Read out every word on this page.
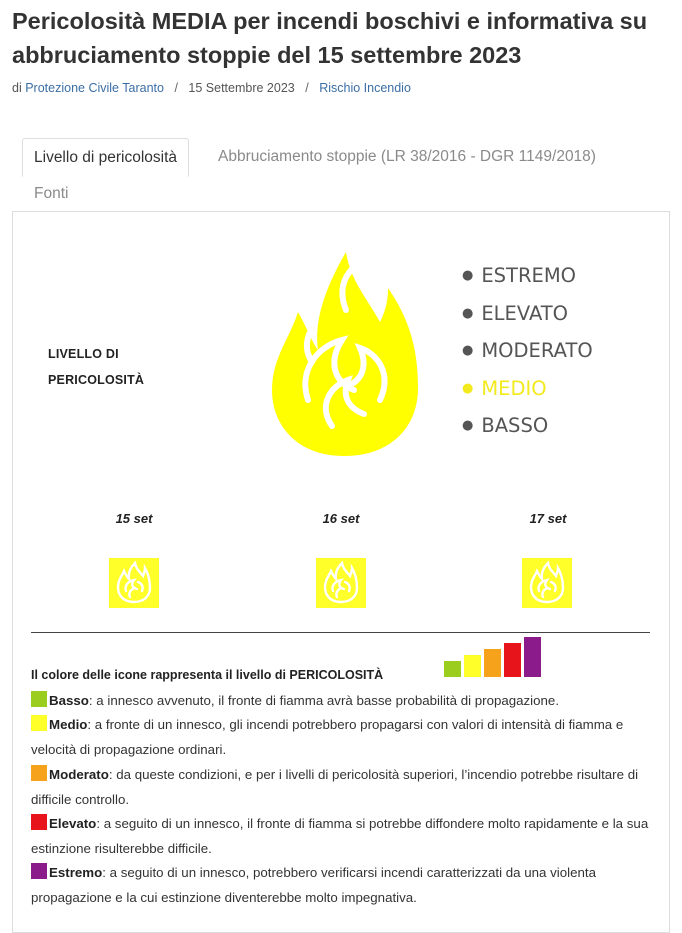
Pericolosità MEDIA per incendi boschivi e informativa su abbruciamento stoppie del 15 settembre 2023
di Protezione Civile Taranto / 15 Settembre 2023 / Rischio Incendio
Livello di pericolosità	Abbruciamento stoppie (LR 38/2016 - DGR 1149/2018)
Fonti
LIVELLO DI PERICOLOSITÀ
● ESTREMO
● ELEVATO
● MODERATO
● MEDIO
● BASSO
15 set	16 set	17 set
Il colore delle icone rappresenta il livello di PERICOLOSITÀ
Basso: a innesco avvenuto, il fronte di fiamma avrà basse probabilità di propagazione.
Medio: a fronte di un innesco, gli incendi potrebbero propagarsi con valori di intensità di fiamma e velocità di propagazione ordinari.
Moderato: da queste condizioni, e per i livelli di pericolosità superiori, l’incendio potrebbe risultare di difficile controllo.
Elevato: a seguito di un innesco, il fronte di fiamma si potrebbe diffondere molto rapidamente e la sua estinzione risulterebbe difficile.
Estremo: a seguito di un innesco, potrebbero verificarsi incendi caratterizzati da una violenta propagazione e la cui estinzione diventerebbe molto impegnativa.
